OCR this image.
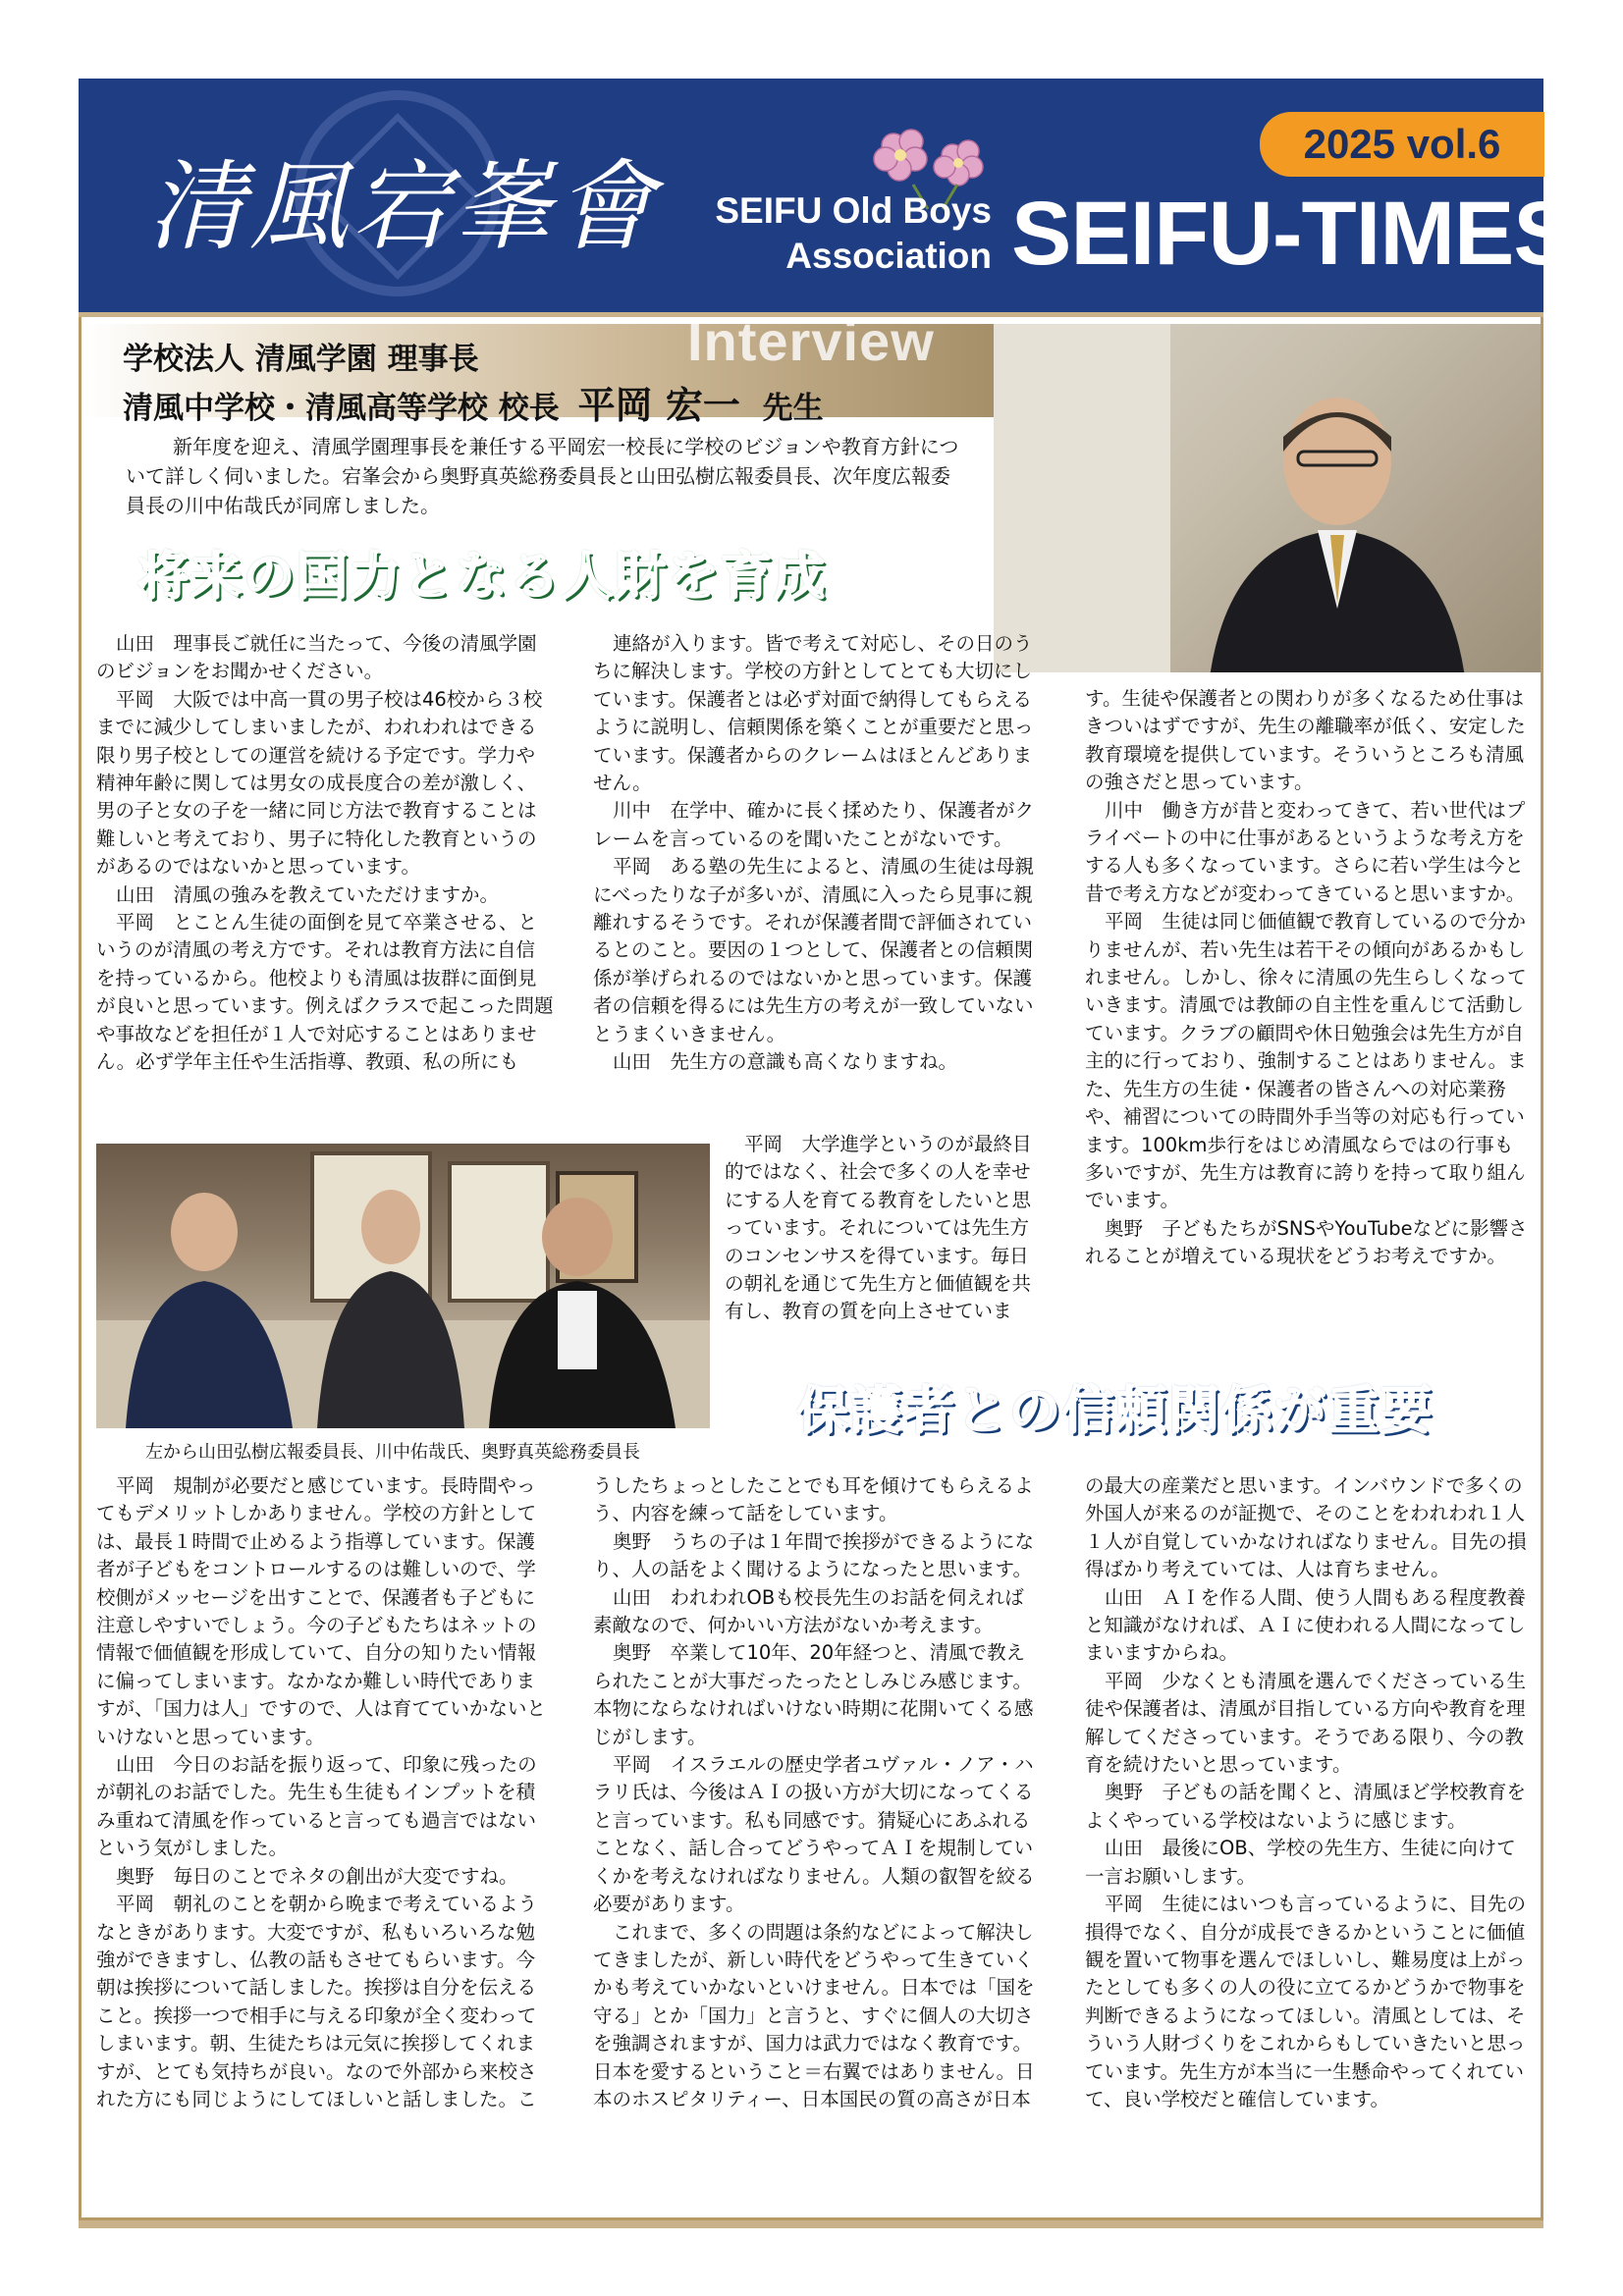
清風宕峯會	SEIFU Old Boys
Association
2025 vol.6
SEIFU-TIMES
Interview
学校法人 清風学園 理事長
清風中学校・清風高等学校 校長 平岡 宏一 先生
新年度を迎え、清風学園理事長を兼任する平岡宏一校長に学校のビジョンや教育方針について詳しく伺いました。宕峯会から奥野真英総務委員長と山田弘樹広報委員長、次年度広報委員長の川中佑哉氏が同席しました。
将来の国力となる人財を育成
保護者との信頼関係が重要

山田　理事長ご就任に当たって、今後の清風学園のビジョンをお聞かせください。

平岡　大阪では中高一貫の男子校は46校から３校までに減少してしまいましたが、われわれはできる限り男子校としての運営を続ける予定です。学力や精神年齢に関しては男女の成長度合の差が激しく、男の子と女の子を一緒に同じ方法で教育することは難しいと考えており、男子に特化した教育というのがあるのではないかと思っています。

山田　清風の強みを教えていただけますか。

平岡　とことん生徒の面倒を見て卒業させる、というのが清風の考え方です。それは教育方法に自信を持っているから。他校よりも清風は抜群に面倒見が良いと思っています。例えばクラスで起こった問題や事故などを担任が１人で対応することはありません。必ず学年主任や生活指導、教頭、私の所にも

連絡が入ります。皆で考えて対応し、その日のうちに解決します。学校の方針としてとても大切にしています。保護者とは必ず対面で納得してもらえるように説明し、信頼関係を築くことが重要だと思っています。保護者からのクレームはほとんどありません。

川中　在学中、確かに長く揉めたり、保護者がクレームを言っているのを聞いたことがないです。

平岡　ある塾の先生によると、清風の生徒は母親にべったりな子が多いが、清風に入ったら見事に親離れするそうです。それが保護者間で評価されているとのこと。要因の１つとして、保護者との信頼関係が挙げられるのではないかと思っています。保護者の信頼を得るには先生方の考えが一致していないとうまくいきません。

山田　先生方の意識も高くなりますね。

平岡　大学進学というのが最終目的ではなく、社会で多くの人を幸せにする人を育てる教育をしたいと思っています。それについては先生方のコンセンサスを得ています。毎日の朝礼を通じて先生方と価値観を共有し、教育の質を向上させていま

す。生徒や保護者との関わりが多くなるため仕事はきついはずですが、先生の離職率が低く、安定した教育環境を提供しています。そういうところも清風の強さだと思っています。

川中　働き方が昔と変わってきて、若い世代はプライベートの中に仕事があるというような考え方をする人も多くなっています。さらに若い学生は今と昔で考え方などが変わってきていると思いますか。

平岡　生徒は同じ価値観で教育しているので分かりませんが、若い先生は若干その傾向があるかもしれません。しかし、徐々に清風の先生らしくなっていきます。清風では教師の自主性を重んじて活動しています。クラブの顧問や休日勉強会は先生方が自主的に行っており、強制することはありません。また、先生方の生徒・保護者の皆さんへの対応業務や、補習についての時間外手当等の対応も行っています。100km歩行をはじめ清風ならではの行事も多いですが、先生方は教育に誇りを持って取り組んでいます。

奥野　子どもたちがSNSやYouTubeなどに影響されることが増えている現状をどうお考えですか。

左から山田弘樹広報委員長、川中佑哉氏、奥野真英総務委員長

平岡　規制が必要だと感じています。長時間やってもデメリットしかありません。学校の方針としては、最長１時間で止めるよう指導しています。保護者が子どもをコントロールするのは難しいので、学校側がメッセージを出すことで、保護者も子どもに注意しやすいでしょう。今の子どもたちはネットの情報で価値観を形成していて、自分の知りたい情報に偏ってしまいます。なかなか難しい時代でありますが、「国力は人」ですので、人は育てていかないといけないと思っています。

山田　今日のお話を振り返って、印象に残ったのが朝礼のお話でした。先生も生徒もインプットを積み重ねて清風を作っていると言っても過言ではないという気がしました。

奥野　毎日のことでネタの創出が大変ですね。

平岡　朝礼のことを朝から晩まで考えているようなときがあります。大変ですが、私もいろいろな勉強ができますし、仏教の話もさせてもらいます。今朝は挨拶について話しました。挨拶は自分を伝えること。挨拶一つで相手に与える印象が全く変わってしまいます。朝、生徒たちは元気に挨拶してくれますが、とても気持ちが良い。なので外部から来校された方にも同じようにしてほしいと話しました。こ

うしたちょっとしたことでも耳を傾けてもらえるよう、内容を練って話をしています。

奥野　うちの子は１年間で挨拶ができるようになり、人の話をよく聞けるようになったと思います。

山田　われわれOBも校長先生のお話を伺えれば素敵なので、何かいい方法がないか考えます。

奥野　卒業して10年、20年経つと、清風で教えられたことが大事だったったとしみじみ感じます。本物にならなければいけない時期に花開いてくる感じがします。

平岡　イスラエルの歴史学者ユヴァル・ノア・ハラリ氏は、今後はＡＩの扱い方が大切になってくると言っています。私も同感です。猜疑心にあふれることなく、話し合ってどうやってＡＩを規制していくかを考えなければなりません。人類の叡智を絞る必要があります。

これまで、多くの問題は条約などによって解決してきましたが、新しい時代をどうやって生きていくかも考えていかないといけません。日本では「国を守る」とか「国力」と言うと、すぐに個人の大切さを強調されますが、国力は武力ではなく教育です。日本を愛するということ＝右翼ではありません。日本のホスピタリティー、日本国民の質の高さが日本

の最大の産業だと思います。インバウンドで多くの外国人が来るのが証拠で、そのことをわれわれ１人１人が自覚していかなければなりません。目先の損得ばかり考えていては、人は育ちません。

山田　ＡＩを作る人間、使う人間もある程度教養と知識がなければ、ＡＩに使われる人間になってしまいますからね。

平岡　少なくとも清風を選んでくださっている生徒や保護者は、清風が目指している方向や教育を理解してくださっています。そうである限り、今の教育を続けたいと思っています。

奥野　子どもの話を聞くと、清風ほど学校教育をよくやっている学校はないように感じます。

山田　最後にOB、学校の先生方、生徒に向けて一言お願いします。

平岡　生徒にはいつも言っているように、目先の損得でなく、自分が成長できるかということに価値観を置いて物事を選んでほしいし、難易度は上がったとしても多くの人の役に立てるかどうかで物事を判断できるようになってほしい。清風としては、そういう人財づくりをこれからもしていきたいと思っています。先生方が本当に一生懸命やってくれていて、良い学校だと確信しています。
